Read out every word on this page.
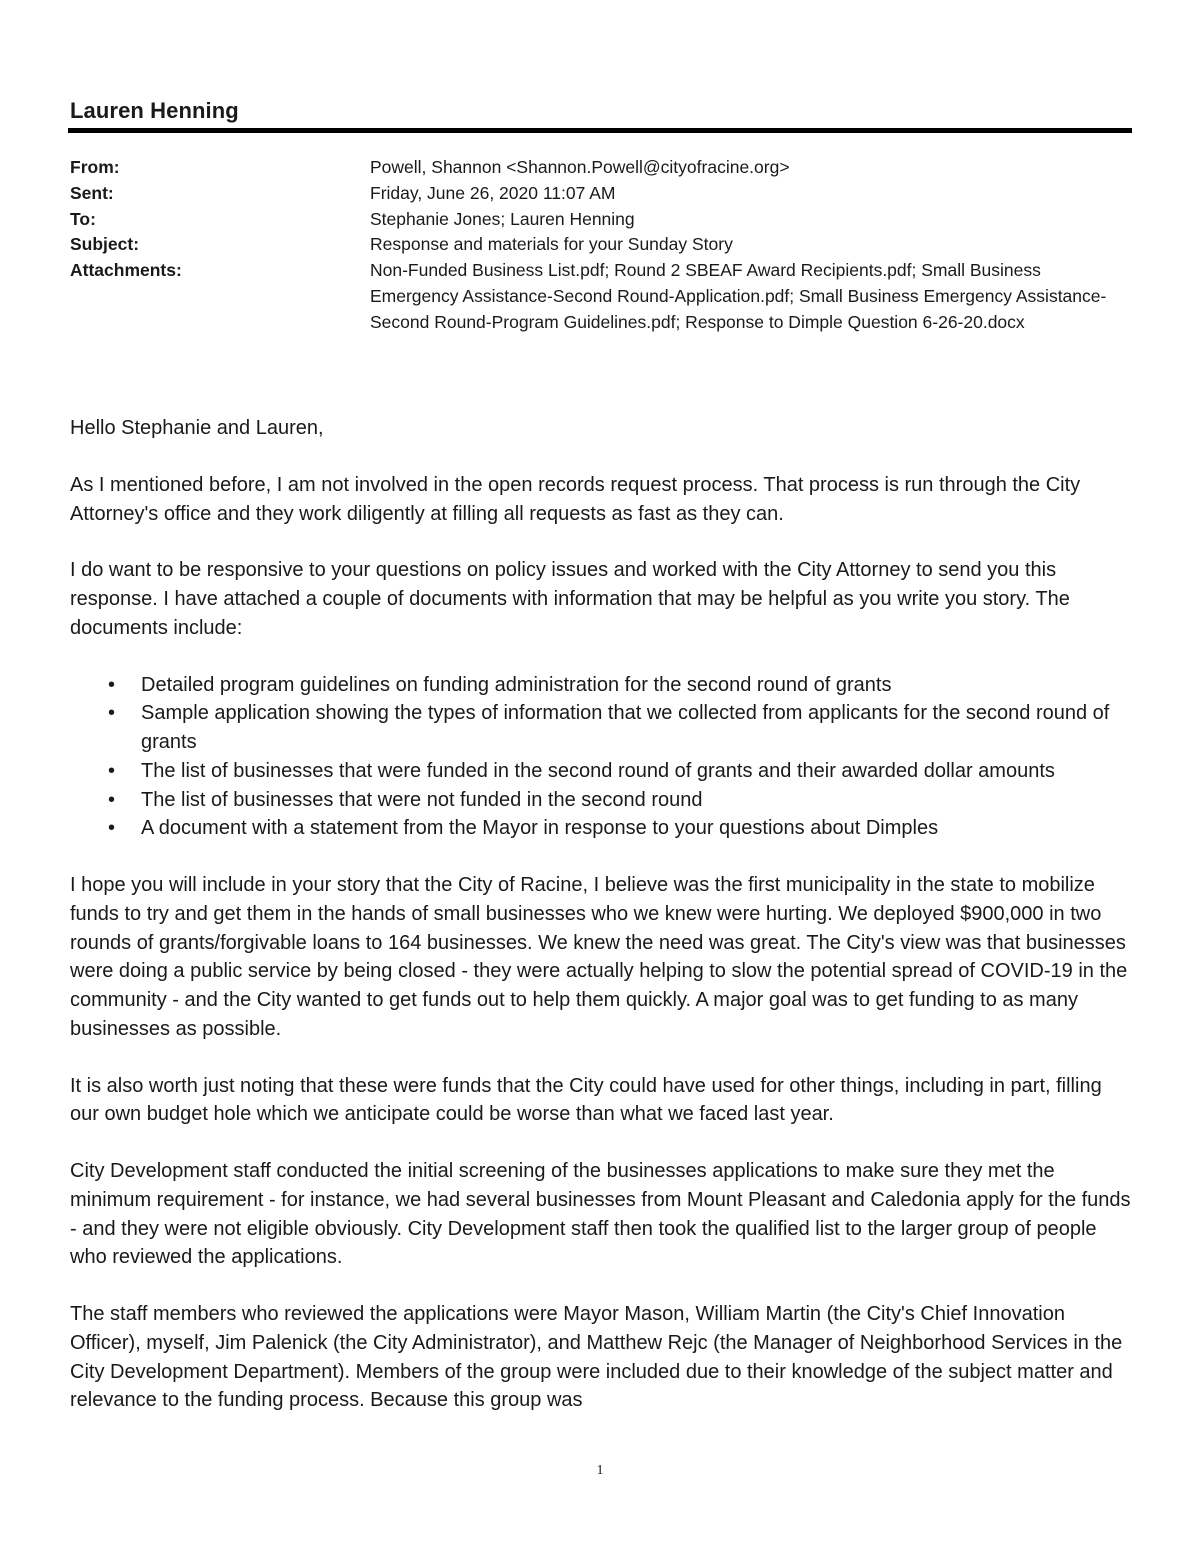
Lauren Henning
From:	Powell, Shannon <Shannon.Powell@cityofracine.org>
Sent:	Friday, June 26, 2020 11:07 AM
To:	Stephanie Jones; Lauren Henning
Subject:	Response and materials for your Sunday Story
Attachments:	Non-Funded Business List.pdf; Round 2 SBEAF Award Recipients.pdf; Small Business Emergency Assistance-Second Round-Application.pdf; Small Business Emergency Assistance-Second Round-Program Guidelines.pdf; Response to Dimple Question 6-26-20.docx

Hello Stephanie and Lauren,

As I mentioned before, I am not involved in the open records request process. That process is run through the City Attorney's office and they work diligently at filling all requests as fast as they can.

I do want to be responsive to your questions on policy issues and worked with the City Attorney to send you this response. I have attached a couple of documents with information that may be helpful as you write you story. The documents include:

• Detailed program guidelines on funding administration for the second round of grants
• Sample application showing the types of information that we collected from applicants for the second round of grants
• The list of businesses that were funded in the second round of grants and their awarded dollar amounts
• The list of businesses that were not funded in the second round
• A document with a statement from the Mayor in response to your questions about Dimples

I hope you will include in your story that the City of Racine, I believe was the first municipality in the state to mobilize funds to try and get them in the hands of small businesses who we knew were hurting. We deployed $900,000 in two rounds of grants/forgivable loans to 164 businesses. We knew the need was great. The City's view was that businesses were doing a public service by being closed - they were actually helping to slow the potential spread of COVID-19 in the community - and the City wanted to get funds out to help them quickly. A major goal was to get funding to as many businesses as possible.

It is also worth just noting that these were funds that the City could have used for other things, including in part, filling our own budget hole which we anticipate could be worse than what we faced last year.

City Development staff conducted the initial screening of the businesses applications to make sure they met the minimum requirement - for instance, we had several businesses from Mount Pleasant and Caledonia apply for the funds - and they were not eligible obviously. City Development staff then took the qualified list to the larger group of people who reviewed the applications.

The staff members who reviewed the applications were Mayor Mason, William Martin (the City's Chief Innovation Officer), myself, Jim Palenick (the City Administrator), and Matthew Rejc (the Manager of Neighborhood Services in the City Development Department). Members of the group were included due to their knowledge of the subject matter and relevance to the funding process. Because this group was

1
